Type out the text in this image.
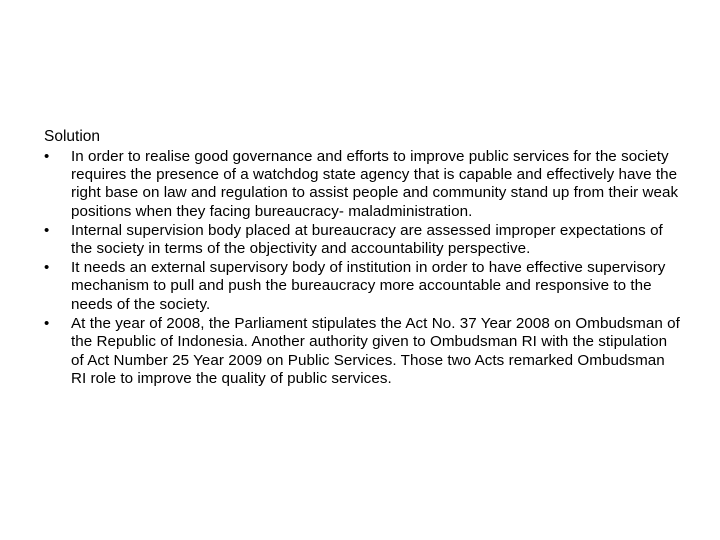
Solution
•	In order to realise good governance and efforts to improve public services for the society requires the presence of a watchdog state agency that is capable and effectively have the right base on law and regulation to assist people and community stand up from their weak positions when they facing bureaucracy- maladministration.
•	Internal supervision body placed at bureaucracy are assessed improper expectations of the society in terms of the objectivity and accountability perspective.
•	It needs an external supervisory body of institution in order to have effective supervisory mechanism to pull and push the bureaucracy more accountable and responsive to the needs of the society.
•	At the year of 2008, the Parliament stipulates the Act No. 37 Year 2008 on Ombudsman of the Republic of Indonesia. Another authority given to Ombudsman RI with the stipulation of Act Number 25 Year 2009 on Public Services. Those two Acts remarked Ombudsman RI role to improve the quality of public services.
